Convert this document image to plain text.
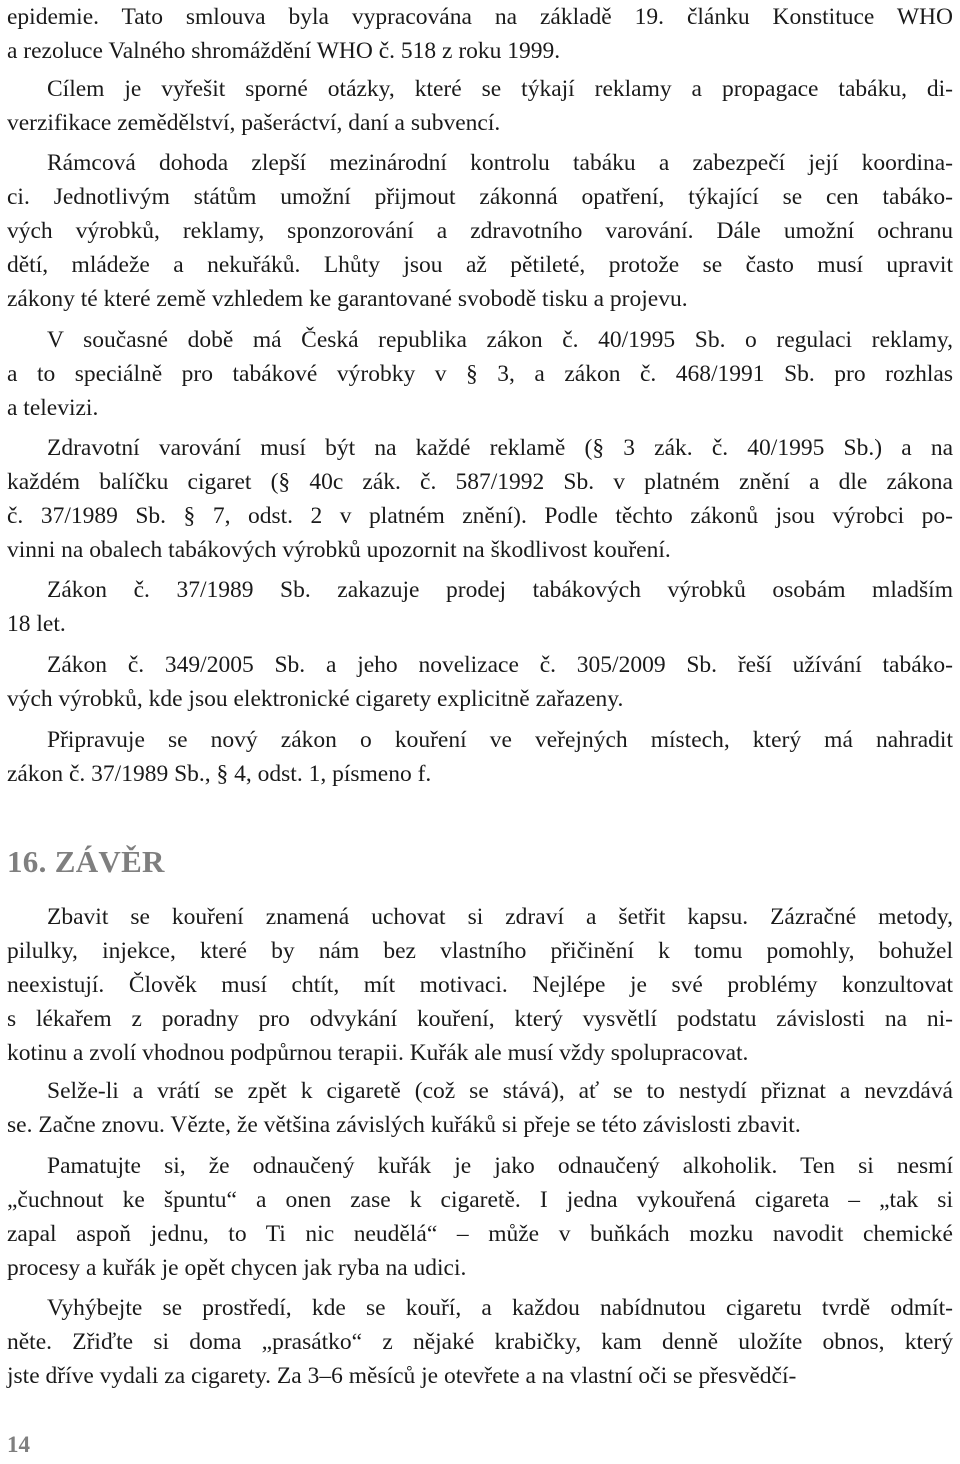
epidemie. Tato smlouva byla vypracována na základě 19. článku Konstituce WHO
a rezoluce Valného shromáždění WHO č. 518 z roku 1999.
Cílem je vyřešit sporné otázky, které se týkají reklamy a propagace tabáku, di-
verzifikace zemědělství, pašeráctví, daní a subvencí.
Rámcová dohoda zlepší mezinárodní kontrolu tabáku a zabezpečí její koordina-
ci. Jednotlivým státům umožní přijmout zákonná opatření, týkající se cen tabáko-
vých výrobků, reklamy, sponzorování a zdravotního varování. Dále umožní ochranu
dětí, mládeže a nekuřáků. Lhůty jsou až pětileté, protože se často musí upravit
zákony té které země vzhledem ke garantované svobodě tisku a projevu.
V současné době má Česká republika zákon č. 40/1995 Sb. o regulaci reklamy,
a to speciálně pro tabákové výrobky v § 3, a zákon č. 468/1991 Sb. pro rozhlas
a televizi.
Zdravotní varování musí být na každé reklamě (§ 3 zák. č. 40/1995 Sb.) a na
každém balíčku cigaret (§ 40c zák. č. 587/1992 Sb. v platném znění a dle zákona
č. 37/1989 Sb. § 7, odst. 2 v platném znění). Podle těchto zákonů jsou výrobci po-
vinni na obalech tabákových výrobků upozornit na škodlivost kouření.
Zákon č. 37/1989 Sb. zakazuje prodej tabákových výrobků osobám mladším
18 let.
Zákon č. 349/2005 Sb. a jeho novelizace č. 305/2009 Sb. řeší užívání tabáko-
vých výrobků, kde jsou elektronické cigarety explicitně zařazeny.
Připravuje se nový zákon o kouření ve veřejných místech, který má nahradit
zákon č. 37/1989 Sb., § 4, odst. 1, písmeno f.
16. ZÁVĚR
Zbavit se kouření znamená uchovat si zdraví a šetřit kapsu. Zázračné metody,
pilulky, injekce, které by nám bez vlastního přičinění k tomu pomohly, bohužel
neexistují. Člověk musí chtít, mít motivaci. Nejlépe je své problémy konzultovat
s lékařem z poradny pro odvykání kouření, který vysvětlí podstatu závislosti na ni-
kotinu a zvolí vhodnou podpůrnou terapii. Kuřák ale musí vždy spolupracovat.
Selže-li a vrátí se zpět k cigaretě (což se stává), ať se to nestydí přiznat a nevzdává
se. Začne znovu. Vězte, že většina závislých kuřáků si přeje se této závislosti zbavit.
Pamatujte si, že odnaučený kuřák je jako odnaučený alkoholik. Ten si nesmí
„čuchnout ke špuntu“ a onen zase k cigaretě. I jedna vykouřená cigareta – „tak si
zapal aspoň jednu, to Ti nic neudělá“ – může v buňkách mozku navodit chemické
procesy a kuřák je opět chycen jak ryba na udici.
Vyhýbejte se prostředí, kde se kouří, a každou nabídnutou cigaretu tvrdě odmít-
něte. Zřiďte si doma „prasátko“ z nějaké krabičky, kam denně uložíte obnos, který
jste dříve vydali za cigarety. Za 3–6 měsíců je otevřete a na vlastní oči se přesvědčí-
14
